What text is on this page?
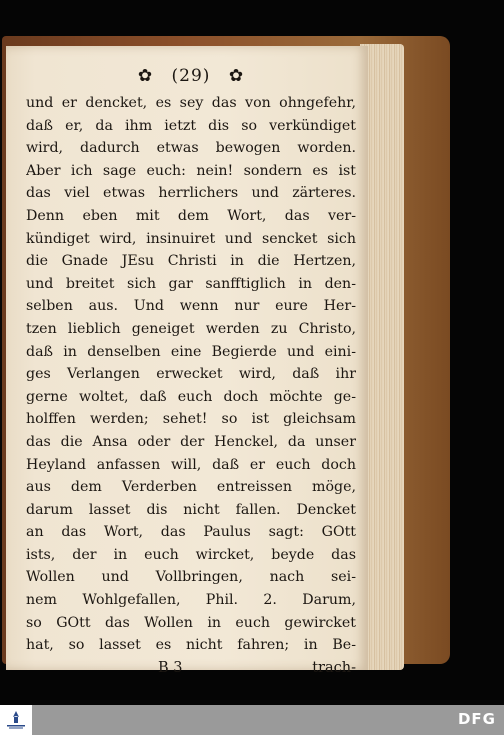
✿ (29) ✿
und er dencket, es sey das von ohngefehr,
daß er, da ihm ietzt dis so verkündiget
wird, dadurch etwas bewogen worden.
Aber ich sage euch: nein! sondern es ist
das viel etwas herrlichers und zärteres.
Denn eben mit dem Wort, das ver-
kündiget wird, insinuiret und sencket sich
die Gnade JEsu Christi in die Hertzen,
und breitet sich gar sanfftiglich in den-
selben aus. Und wenn nur eure Her-
tzen lieblich geneiget werden zu Christo,
daß in denselben eine Begierde und eini-
ges Verlangen erwecket wird, daß ihr
gerne woltet, daß euch doch möchte ge-
holffen werden; sehet! so ist gleichsam
das die Ansa oder der Henckel, da unser
Heyland anfassen will, daß er euch doch
aus dem Verderben entreissen möge,
darum lasset dis nicht fallen. Dencket
an das Wort, das Paulus sagt: GOtt
ists, der in euch wircket, beyde das
Wollen und Vollbringen, nach sei-
nem Wohlgefallen, Phil. 2. Darum,
so GOtt das Wollen in euch gewircket
hat, so lasset es nicht fahren; in Be-
B 3	trach-
DFG
